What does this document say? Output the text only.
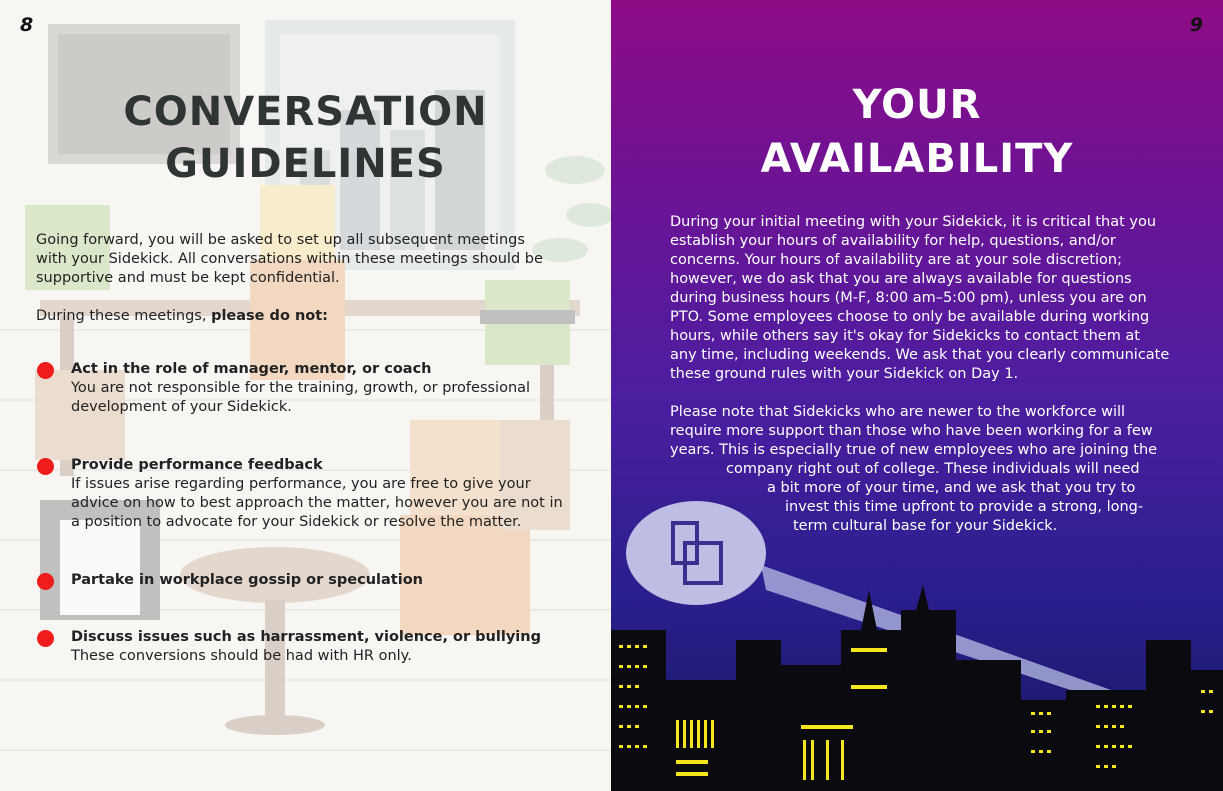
8
CONVERSATION
GUIDELINES

Going forward, you will be asked to set up all subsequent meetings with your Sidekick. All conversations within these meetings should be supportive and must be kept confidential.

During these meetings, please do not:

Act in the role of manager, mentor, or coach
You are not responsible for the training, growth, or professional development of your Sidekick.
Provide performance feedback
If issues arise regarding performance, you are free to give your advice on how to best approach the matter, however you are not in a position to advocate for your Sidekick or resolve the matter.
Partake in workplace gossip or speculation
Discuss issues such as harrassment, violence, or bullying
These conversions should be had with HR only.
9
YOUR
AVAILABILITY

During your initial meeting with your Sidekick, it is critical that you establish your hours of availability for help, questions, and/or concerns. Your hours of availability are at your sole discretion; however, we do ask that you are always available for questions during business hours (M-F, 8:00 am–5:00 pm), unless you are on PTO. Some employees choose to only be available during working hours, while others say it's okay for Sidekicks to contact them at any time, including weekends. We ask that you clearly communicate these ground rules with your Sidekick on Day 1.

Please note that Sidekicks who are newer to the workforce will
require more support than those who have been working for a few
years. This is especially true of new employees who are joining the
company right out of college. These individuals will need
a bit more of your time, and we ask that you try to
invest this time upfront to provide a strong, long-
term cultural base for your Sidekick.
